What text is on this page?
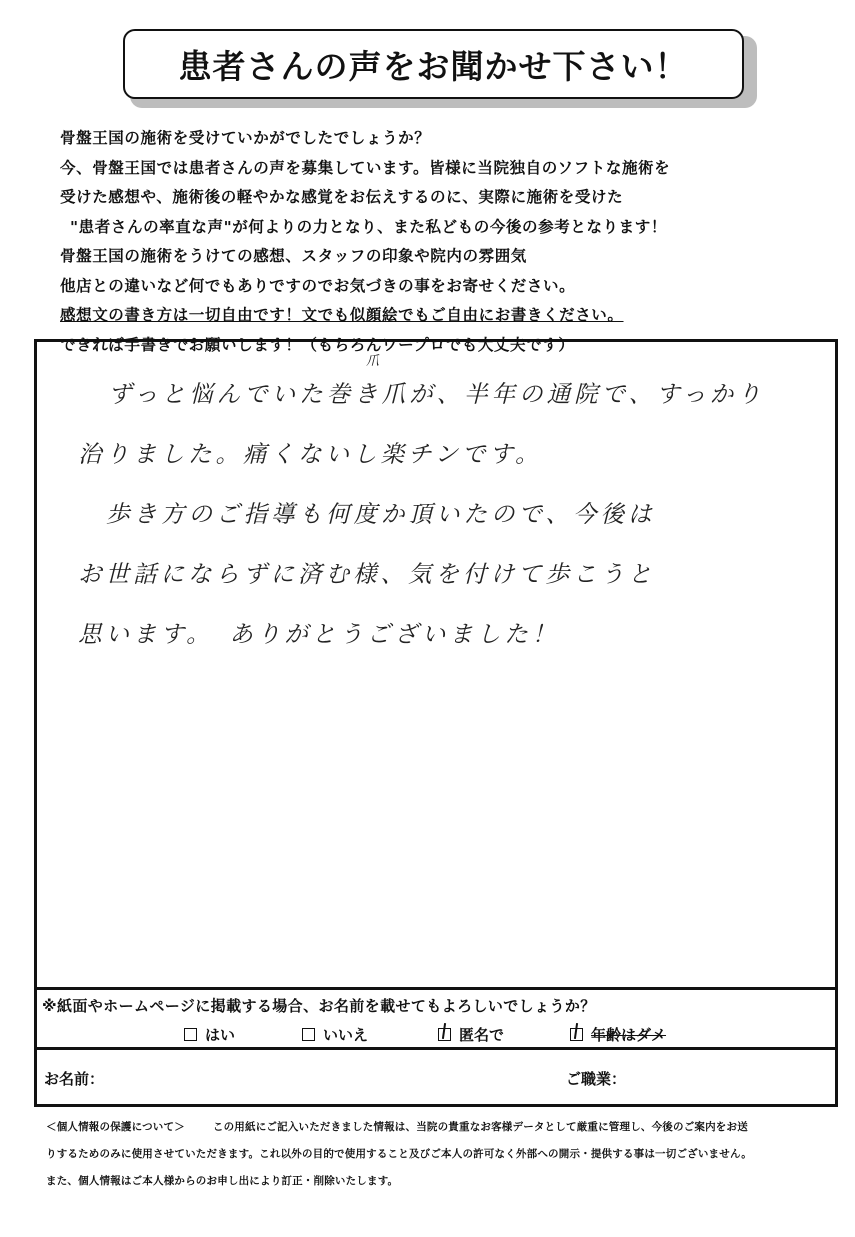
患者さんの声をお聞かせ下さい！
骨盤王国の施術を受けていかがでしたでしょうか？
今、骨盤王国では患者さんの声を募集しています。皆様に当院独自のソフトな施術を
受けた感想や、施術後の軽やかな感覚をお伝えするのに、実際に施術を受けた
"患者さんの率直な声"が何よりの力となり、また私どもの今後の参考となります！
骨盤王国の施術をうけての感想、スタッフの印象や院内の雰囲気
他店との違いなど何でもありですのでお気づきの事をお寄せください。
感想文の書き方は一切自由です！文でも似顔絵でもご自由にお書きください。
できれば手書きでお願いします！（もちろんワープロでも大丈夫です）
爪
ずっと悩んでいた巻き爪が、半年の通院で、すっかり
治りました。痛くないし楽チンです。
歩き方のご指導も何度か頂いたので、今後は
お世話にならずに済む様、気を付けて歩こうと
思います。　ありがとうございました！
※紙面やホームページに掲載する場合、お名前を載せてもよろしいでしょうか？
はい	いいえ	匿名で	年齢はダメ
お名前：	ご職業：
＜個人情報の保護について＞	この用紙にご記入いただきました情報は、当院の貴重なお客様データとして厳重に管理し、今後のご案内をお送
りするためのみに使用させていただきます。これ以外の目的で使用すること及びご本人の許可なく外部への開示・提供する事は一切ございません。
また、個人情報はご本人様からのお申し出により訂正・削除いたします。
